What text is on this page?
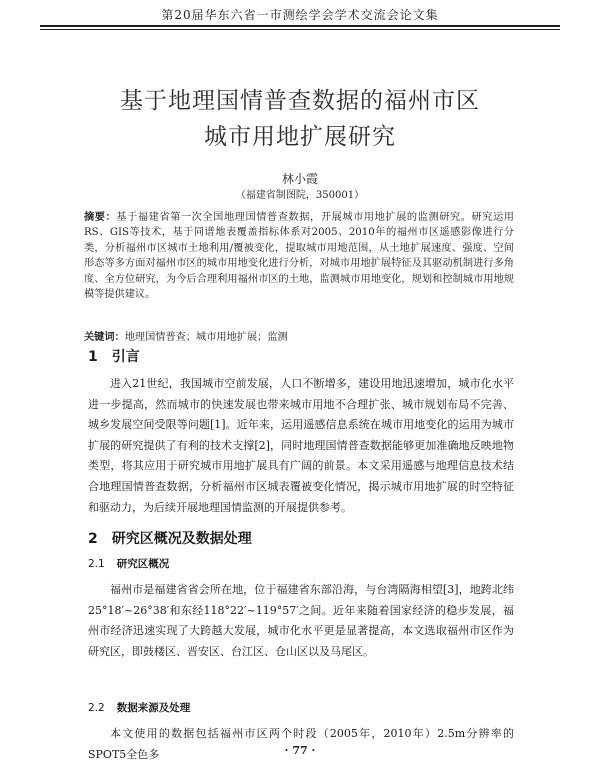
第20届华东六省一市测绘学会学术交流会论文集
基于地理国情普查数据的福州市区
城市用地扩展研究
林小霞
（福建省制图院，350001）
摘要：基于福建省第一次全国地理国情普查数据，开展城市用地扩展的监测研究。研究运用RS、GIS等技术，基于同谱地表覆盖指标体系对2005、2010年的福州市区遥感影像进行分类，分析福州市区城市土地利用/覆被变化，提取城市用地范围，从土地扩展速度、强度、空间形态等多方面对福州市区的城市用地变化进行分析，对城市用地扩展特征及其驱动机制进行多角度、全方位研究，为今后合理利用福州市区的土地，监测城市用地变化，规划和控制城市用地规模等提供建议。
关键词：地理国情普查；城市用地扩展；监测
1 引言
进入21世纪，我国城市空前发展，人口不断增多，建设用地迅速增加，城市化水平进一步提高，然而城市的快速发展也带来城市用地不合理扩张、城市规划布局不完善、城乡发展空间受限等问题[1]。近年来，运用遥感信息系统在城市用地变化的运用为城市扩展的研究提供了有利的技术支撑[2]，同时地理国情普查数据能够更加准确地反映地物类型，将其应用于研究城市用地扩展具有广阔的前景。本文采用遥感与地理信息技术结合地理国情普查数据，分析福州市区城表覆被变化情况，揭示城市用地扩展的时空特征和驱动力，为后续开展地理国情监测的开展提供参考。
2 研究区概况及数据处理
2.1 研究区概况
福州市是福建省省会所在地，位于福建省东部沿海，与台湾隔海相望[3]，地跨北纬25°18′~26°38′和东经118°22′~119°57′之间。近年来随着国家经济的稳步发展，福州市经济迅速实现了大跨越大发展，城市化水平更是显著提高，本文选取福州市区作为研究区，即鼓楼区、晋安区、台江区、仓山区以及马尾区。
2.2 数据来源及处理
本文使用的数据包括福州市区两个时段（2005年，2010年）2.5m分辨率的SPOT5全色多	· 77 ·
